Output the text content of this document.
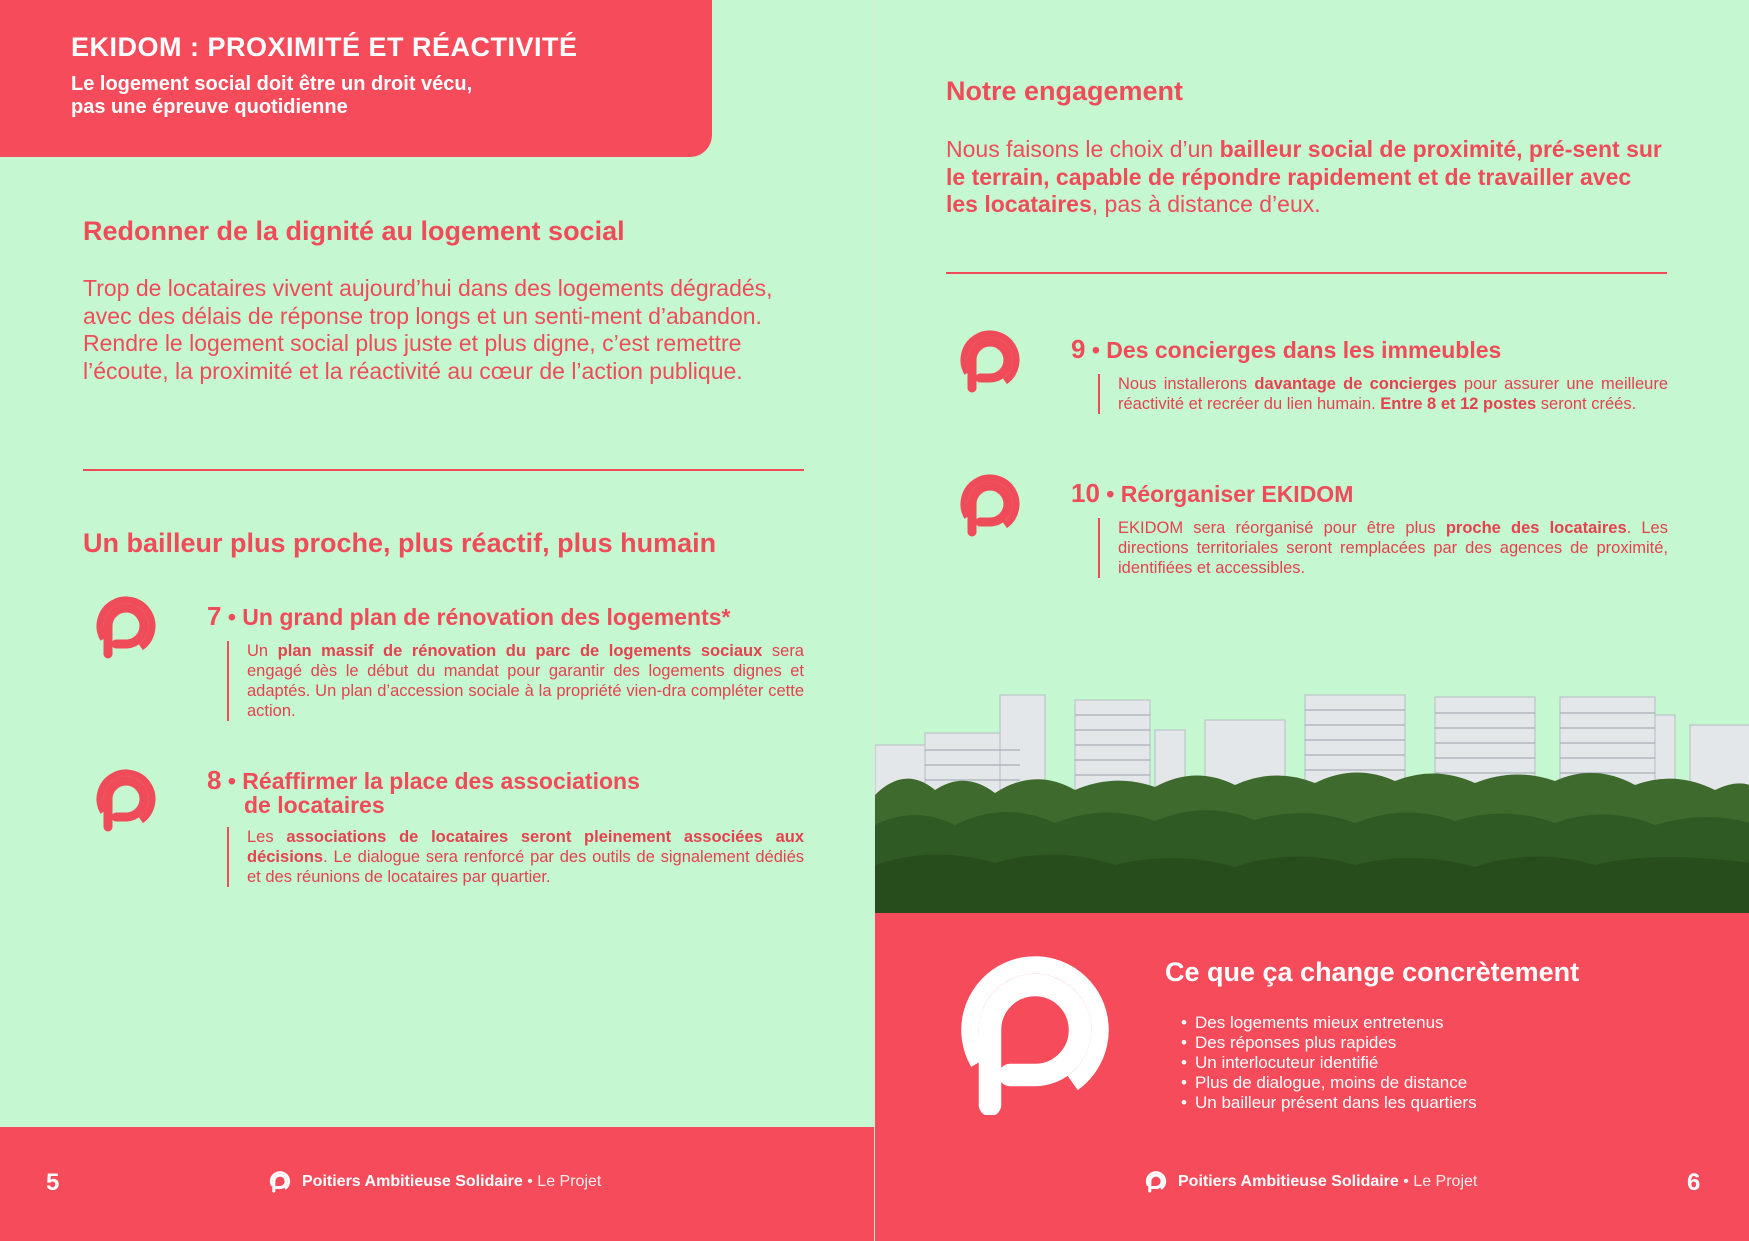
EKIDOM : PROXIMITÉ ET RÉACTIVITÉ
Le logement social doit être un droit vécu,
pas une épreuve quotidienne
Redonner de la dignité au logement social
Trop de locataires vivent aujourd’hui dans des logements dégradés, avec des délais de réponse trop longs et un senti-ment d’abandon. Rendre le logement social plus juste et plus digne, c’est remettre l’écoute, la proximité et la réactivité au cœur de l’action publique.
Un bailleur plus proche, plus réactif, plus humain
7 • Un grand plan de rénovation des logements*
Un plan massif de rénovation du parc de logements sociaux sera engagé dès le début du mandat pour garantir des logements dignes et adaptés. Un plan d’accession sociale à la propriété vien-dra compléter cette action.
8 • Réaffirmer la place des associations
de locataires
Les associations de locataires seront pleinement associées aux décisions. Le dialogue sera renforcé par des outils de signalement dédiés et des réunions de locataires par quartier.
5	Poitiers Ambitieuse Solidaire • Le Projet
Notre engagement
Nous faisons le choix d’un bailleur social de proximité, pré-sent sur le terrain, capable de répondre rapidement et de travailler avec les locataires, pas à distance d’eux.
9 • Des concierges dans les immeubles
Nous installerons davantage de concierges pour assurer une meilleure réactivité et recréer du lien humain. Entre 8 et 12 postes seront créés.
10 • Réorganiser EKIDOM
EKIDOM sera réorganisé pour être plus proche des locataires. Les directions territoriales seront remplacées par des agences de proximité, identifiées et accessibles.
Ce que ça change concrètement
• Des logements mieux entretenus
• Des réponses plus rapides
• Un interlocuteur identifié
• Plus de dialogue, moins de distance
• Un bailleur présent dans les quartiers
Poitiers Ambitieuse Solidaire • Le Projet	6
